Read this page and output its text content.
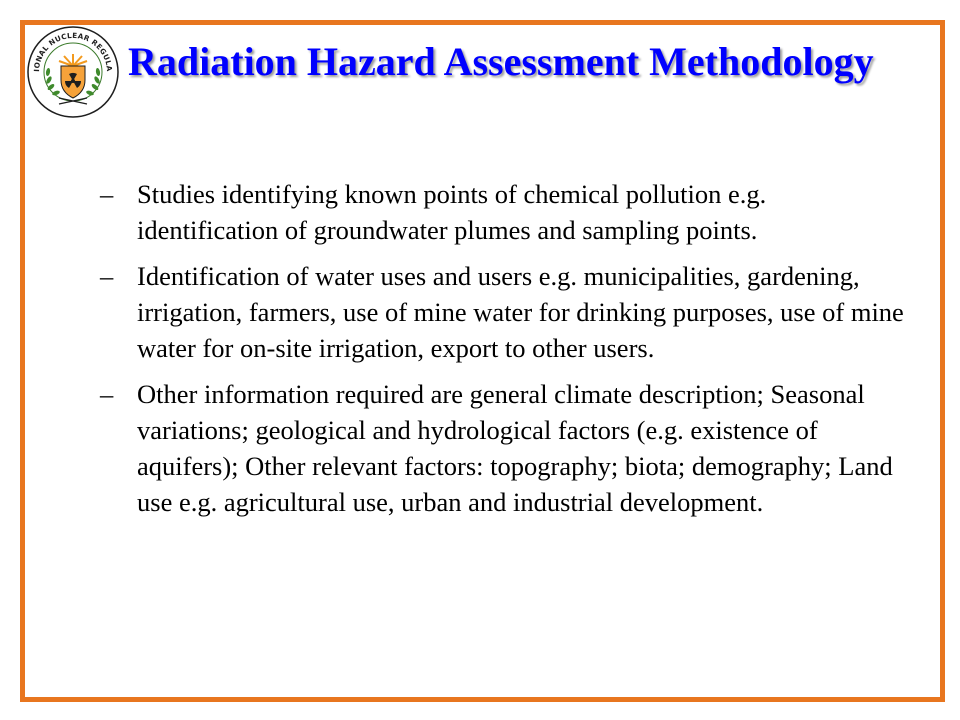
IONAL NUCLEAR REGULA Radiation Hazard Assessment Methodology
– Studies identifying known points of chemical pollution e.g. identification of groundwater plumes and sampling points.
– Identification of water uses and users e.g. municipalities, gardening, irrigation, farmers, use of mine water for drinking purposes, use of mine water for on-site irrigation, export to other users.
– Other information required are general climate description; Seasonal variations; geological and hydrological factors (e.g. existence of aquifers); Other relevant factors: topography; biota; demography; Land use e.g. agricultural use, urban and industrial development.
